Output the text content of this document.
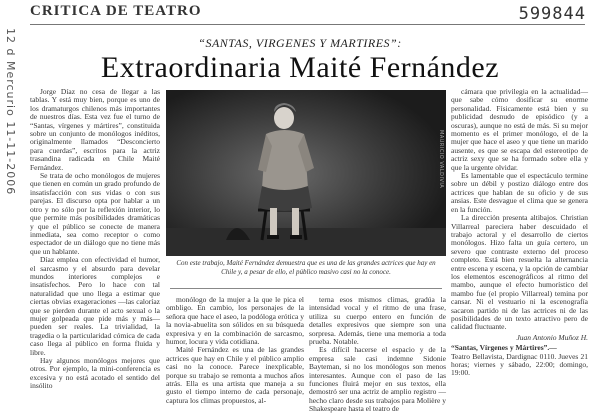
12 d Mercurio 11-11-2006
CRITICA DE TEATRO	599844
“SANTAS, VIRGENES Y MARTIRES”:
Extraordinaria Maité Fernández

Jorge Díaz no cesa de llegar a las tablas. Y está muy bien, porque es uno de los dramaturgos chilenos más importantes de nuestros días. Esta vez fue el turno de “Santas, vírgenes y mártires”, constituida sobre un conjunto de monólogos inéditos, originalmente llamados “Desconcierto para cuerdas”, escritos para la actriz trasandina radicada en Chile Maité Fernández.

Se trata de ocho monólogos de mujeres que tienen en común un grado profundo de insatisfacción con sus vidas o con sus parejas. El discurso opta por hablar a un otro y no sólo por la reflexión interior, lo que permite más posibilidades dramáticas y que el público se conecte de manera inmediata, sea como receptor o como espectador de un diálogo que no tiene más que un hablante.

Díaz emplea con efectividad el humor, el sarcasmo y el absurdo para develar mundos interiores complejos e insatisfechos. Pero lo hace con tal naturalidad que uno llega a estimar que ciertas obvias exageraciones —las caloríaz que se pierden durante el acto sexual o la mujer golpeada que pide más y más— pueden ser reales. La trivialidad, la tragedia o la particularidad cómica de cada caso llega al público en forma fluida y libre.

Hay algunos monólogos mejores que otros. Por ejemplo, la mini-conferencia es excesiva y no está acotado el sentido del insólito

MAURICIO VALDIVIA
Con este trabajo, Maité Fernández demuestra que es una de las grandes actrices que hay en Chile y, a pesar de ello, el público masivo casi no la conoce.

monólogo de la mujer a la que le pica el ombligo. En cambio, los personajes de la señora que hace el aseo, la podóloga erótica y la novia-abuelita son sólidos en su búsqueda expresiva y en la combinación de sarcasmo, humor, locura y vida cotidiana.

Maité Fernández es una de las grandes actrices que hay en Chile y el público amplio casi no la conoce. Parece inexplicable, porque su trabajo se remonta a muchos años atrás. Ella es una artista que maneja a su gusto el tiempo interno de cada personaje, captura los climas propuestos, al-

terna esos mismos climas, gradúa la intensidad vocal y el ritmo de una frase, utiliza su cuerpo entero en función de detalles expresivos que siempre son una sorpresa. Además, tiene una memoria a toda prueba. Notable.

Es difícil hacerse el espacio y de la empresa sale casi indemne Sidonie Bayteman, si no los monólogos son menos interesantes. Aunque con el paso de las funciones fluirá mejor en sus textos, ella demostró ser una actriz de amplio registro —hecho claro desde sus trabajos para Molière y Shakespeare hasta el teatro de

cámara que privilegia en la actualidad— que sabe cómo dosificar su enorme personalidad. Físicamente está bien y su publicidad desnudo de episódico (y a oscuras), aunque no está de más. Si su mejor momento es el primer monólogo, el de la mujer que hace el aseo y que tiene un marido ausente, es que se escapa del estereotipo de actriz sexy que se ha formado sobre ella y que la urgente olvidar.

Es lamentable que el espectáculo termine sobre un débil y postizo diálogo entre dos actrices que hablan de su oficio y de sus ansias. Este desvague el clima que se genera en la función.

La dirección presenta altibajos. Christian Villarreal pareciera haber descuidado el trabajo actoral y el desarrollo de ciertos monólogos. Hizo falta un guía certero, un severo que contraste externo del proceso completo. Está bien resuelta la alternancia entre escena y escena, y la opción de cambiar los elementos escenográficos al ritmo del mambo, aunque el efecto humorístico del mambo fue (el propio Villarreal) temina por cansar. Ni el vestuario ni la escenografía sacaron partido ni de las actrices ni de las posibilidades de un texto atractivo pero de calidad fluctuante.

Juan Antonio Muñoz H.

“Santas, Vírgenes y Mártires”.—

Teatro Bellavista, Dardignac 0110. Jueves 21 horas; viernes y sábado, 22:00; domingo, 19:00.
